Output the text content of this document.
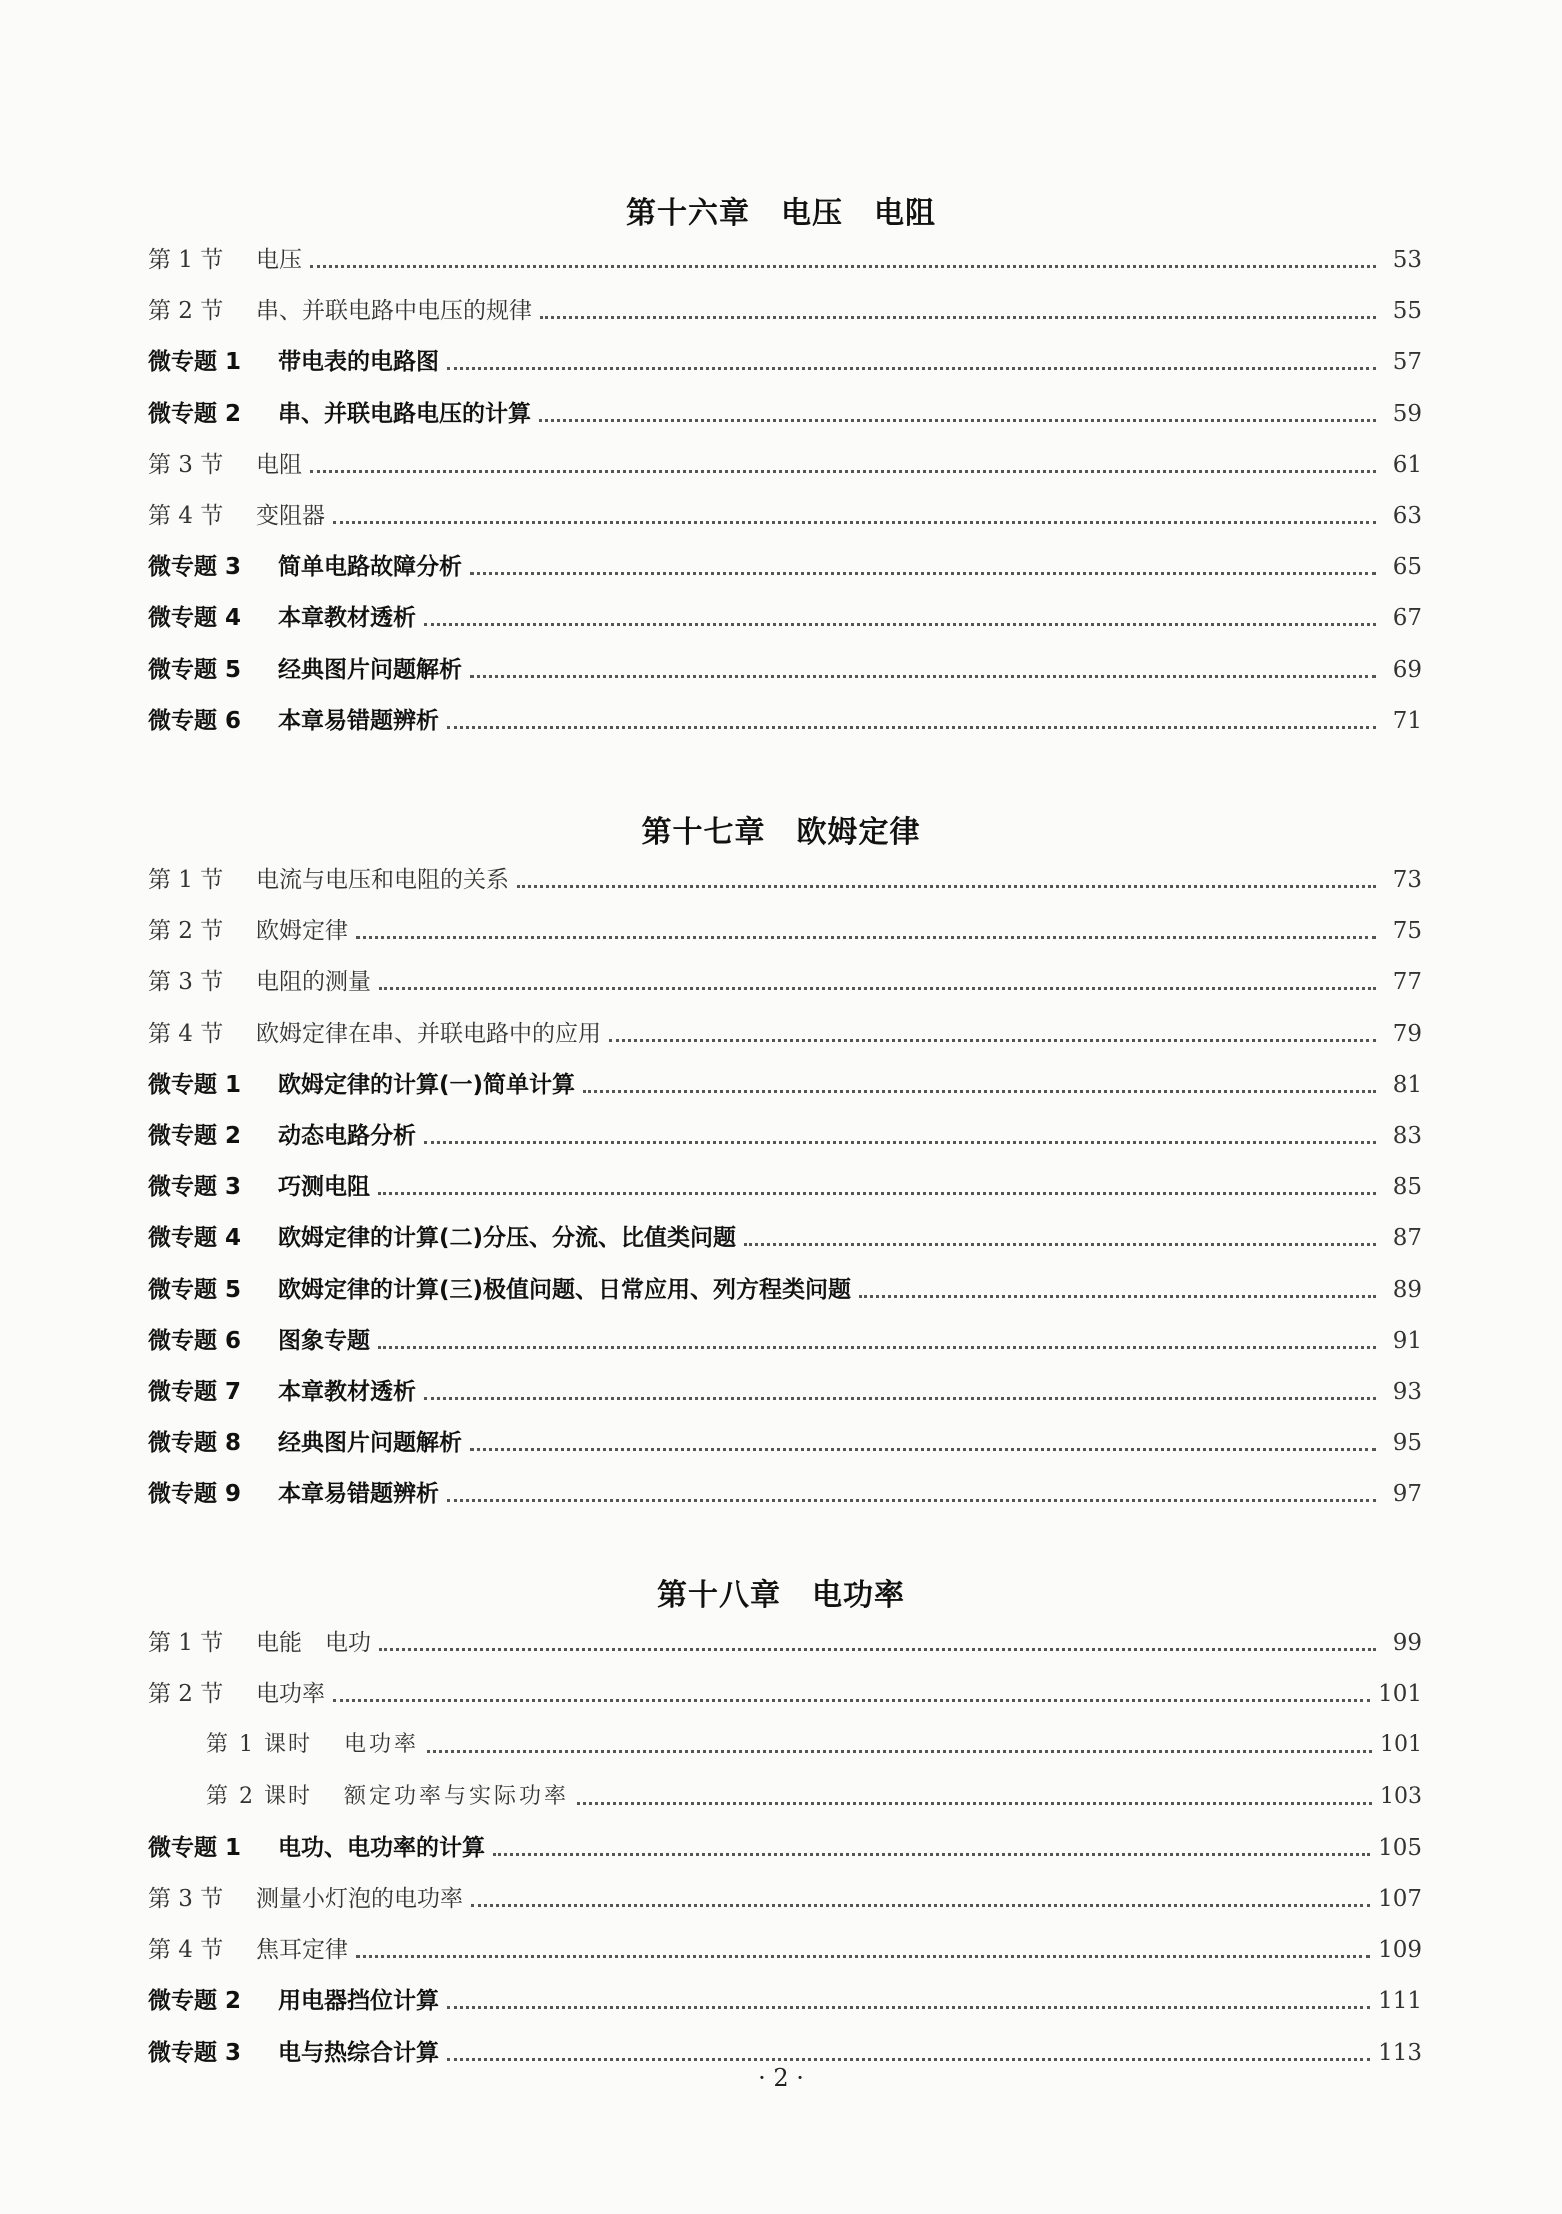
第十六章　电压　电阻
第 1 节	电压	53
第 2 节	串、并联电路中电压的规律	55
微专题 1	带电表的电路图	57
微专题 2	串、并联电路电压的计算	59
第 3 节	电阻	61
第 4 节	变阻器	63
微专题 3	简单电路故障分析	65
微专题 4	本章教材透析	67
微专题 5	经典图片问题解析	69
微专题 6	本章易错题辨析	71
第十七章　欧姆定律
第 1 节	电流与电压和电阻的关系	73
第 2 节	欧姆定律	75
第 3 节	电阻的测量	77
第 4 节	欧姆定律在串、并联电路中的应用	79
微专题 1	欧姆定律的计算(一)简单计算	81
微专题 2	动态电路分析	83
微专题 3	巧测电阻	85
微专题 4	欧姆定律的计算(二)分压、分流、比值类问题	87
微专题 5	欧姆定律的计算(三)极值问题、日常应用、列方程类问题	89
微专题 6	图象专题	91
微专题 7	本章教材透析	93
微专题 8	经典图片问题解析	95
微专题 9	本章易错题辨析	97
第十八章　电功率
第 1 节	电能　电功	99
第 2 节	电功率	101
第 1 课时	电功率	101
第 2 课时	额定功率与实际功率	103
微专题 1	电功、电功率的计算	105
第 3 节	测量小灯泡的电功率	107
第 4 节	焦耳定律	109
微专题 2	用电器挡位计算	111
微专题 3	电与热综合计算	113
· 2 ·
